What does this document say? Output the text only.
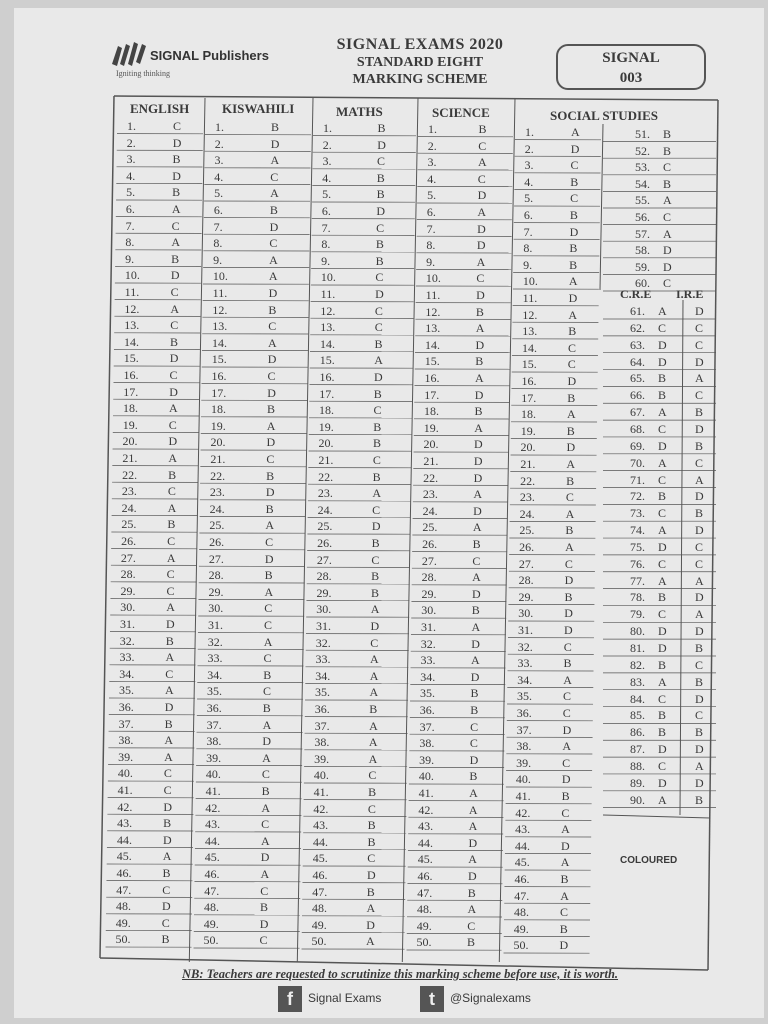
SIGNAL Publishers
Igniting thinking
SIGNAL EXAMS 2020
STANDARD EIGHT
MARKING SCHEME
SIGNAL
003
ENGLISH	KISWAHILI	MATHS	SCIENCE	SOCIAL STUDIES
C.R.E I.R.E
1.	C
2.	D
3.	B
4.	D
5.	B
6.	A
7.	C
8.	A
9.	B
10.	D
11.	C
12.	A
13.	C
14.	B
15.	D
16.	C
17.	D
18.	A
19.	C
20.	D
21.	A
22.	B
23.	C
24.	A
25.	B
26.	C
27.	A
28.	C
29.	C
30.	A
31.	D
32.	B
33.	A
34.	C
35.	A
36.	D
37.	B
38.	A
39.	A
40.	C
41.	C
42.	D
43.	B
44.	D
45.	A
46.	B
47.	C
48.	D
49.	C
50.	B
1.	B
2.	D
3.	A
4.	C
5.	A
6.	B
7.	D
8.	C
9.	A
10.	A
11.	D
12.	B
13.	C
14.	A
15.	D
16.	C
17.	D
18.	B
19.	A
20.	D
21.	C
22.	B
23.	D
24.	B
25.	A
26.	C
27.	D
28.	B
29.	A
30.	C
31.	C
32.	A
33.	C
34.	B
35.	C
36.	B
37.	A
38.	D
39.	A
40.	C
41.	B
42.	A
43.	C
44.	A
45.	D
46.	A
47.	C
48.	B
49.	D
50.	C
1.	B
2.	D
3.	C
4.	B
5.	B
6.	D
7.	C
8.	B
9.	B
10.	C
11.	D
12.	C
13.	C
14.	B
15.	A
16.	D
17.	B
18.	C
19.	B
20.	B
21.	C
22.	B
23.	A
24.	C
25.	D
26.	B
27.	C
28.	B
29.	B
30.	A
31.	D
32.	C
33.	A
34.	A
35.	A
36.	B
37.	A
38.	A
39.	A
40.	C
41.	B
42.	C
43.	B
44.	B
45.	C
46.	D
47.	B
48.	A
49.	D
50.	A
1.	B
2.	C
3.	A
4.	C
5.	D
6.	A
7.	D
8.	D
9.	A
10.	C
11.	D
12.	B
13.	A
14.	D
15.	B
16.	A
17.	D
18.	B
19.	A
20.	D
21.	D
22.	D
23.	A
24.	D
25.	A
26.	B
27.	C
28.	A
29.	D
30.	B
31.	A
32.	D
33.	A
34.	D
35.	B
36.	B
37.	C
38.	C
39.	D
40.	B
41.	A
42.	A
43.	A
44.	D
45.	A
46.	D
47.	B
48.	A
49.	C
50.	B
1.	A
2.	D
3.	C
4.	B
5.	C
6.	B
7.	D
8.	B
9.	B
10.	A
11.	D
12.	A
13.	B
14.	C
15.	C
16.	D
17.	B
18.	A
19.	B
20.	D
21.	A
22.	B
23.	C
24.	A
25.	B
26.	A
27.	C
28.	D
29.	B
30.	D
31.	D
32.	C
33.	B
34.	A
35.	C
36.	C
37.	D
38.	A
39.	C
40.	D
41.	B
42.	C
43.	A
44.	D
45.	A
46.	B
47.	A
48.	C
49.	B
50.	D
51. B
52. B
53. C
54. B
55. A
56. C
57. A
58. D
59. D
60. C
61. A D
62. C C
63. D C
64. D D
65. B A
66. B C
67. A B
68. C D
69. D B
70. A C
71. C A
72. B D
73. C B
74. A D
75. D C
76. C C
77. A A
78. B D
79. C A
80. D D
81. D B
82. B C
83. A B
84. C D
85. B C
86. B B
87. D D
88. C A
89. D D
90. A B
COLOURED
NB: Teachers are requested to scrutinize this marking scheme before use, it is worth.
f Signal Exams	t @Signalexams
